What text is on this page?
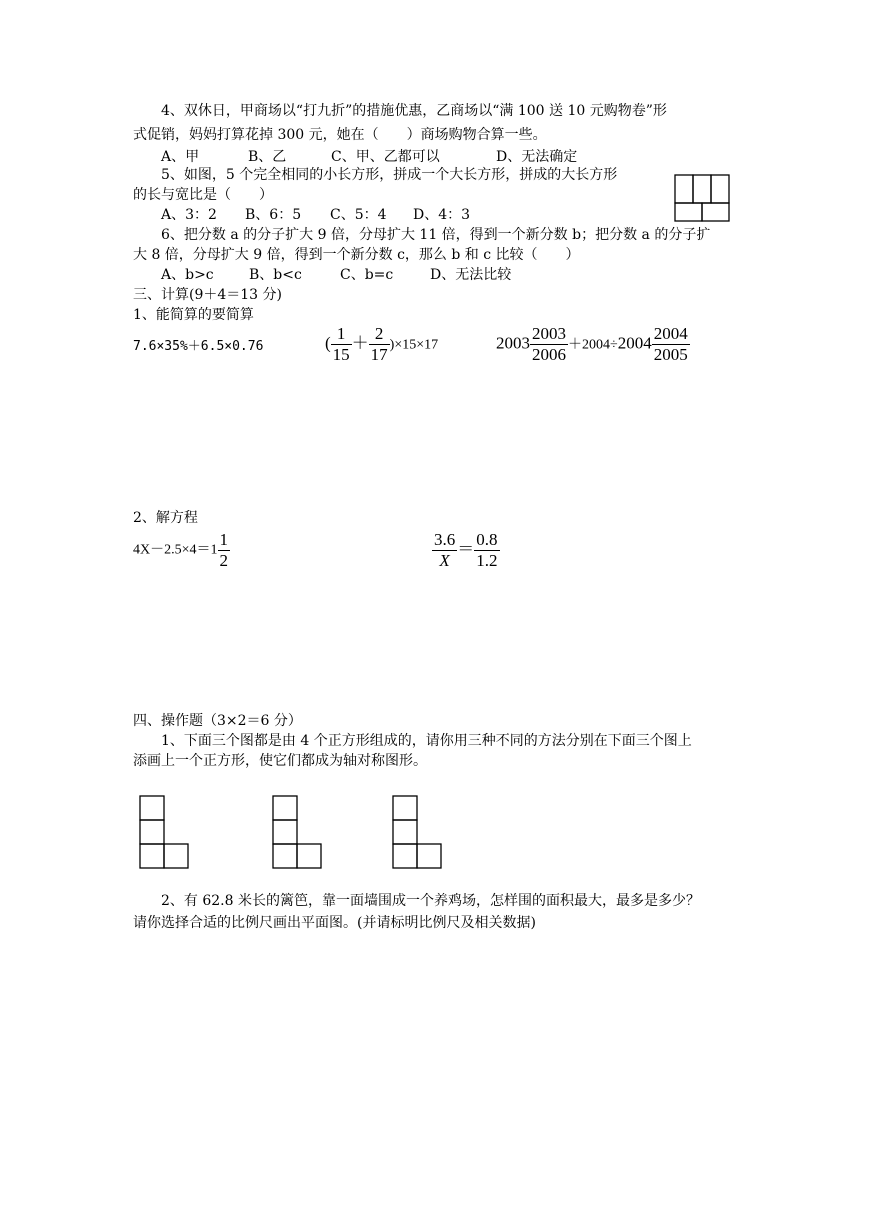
4、双休日，甲商场以“打九折”的措施优惠，乙商场以“满 100 送 10 元购物卷”形
式促销，妈妈打算花掉 300 元，她在（　　）商场购物合算一些。
A、甲	B、乙	C、甲、乙都可以	D、无法确定
5、如图，5 个完全相同的小长方形，拼成一个大长方形，拼成的大长方形
的长与宽比是（　　）
A、3：2 B、6：5 C、5：4 D、4：3
6、把分数 a 的分子扩大 9 倍，分母扩大 11 倍，得到一个新分数 b；把分数 a 的分子扩
大 8 倍，分母扩大 9 倍，得到一个新分数 c，那么 b 和 c 比较（　　）
A、b>c	B、b<c	C、b=c	D、无法比较
三、计算(9＋4＝13 分)
1、能简算的要简算
7.6×35%＋6.5×0.76	( $\frac{1}{15} + \frac{2}{17} )\times 15\times 17$	$2003 \frac{2003}{2006} +2004\div 2004 \frac{2004}{2005}$
2、解方程
$4X-2.5\times 4=1 \frac{1}{2}$	$\frac{3.6}{X} = \frac{0.8}{1.2}$
四、操作题（3×2＝6 分）
1、下面三个图都是由 4 个正方形组成的，请你用三种不同的方法分别在下面三个图上
添画上一个正方形，使它们都成为轴对称图形。
2、有 62.8 米长的篱笆，靠一面墙围成一个养鸡场，怎样围的面积最大，最多是多少？
请你选择合适的比例尺画出平面图。(并请标明比例尺及相关数据)
